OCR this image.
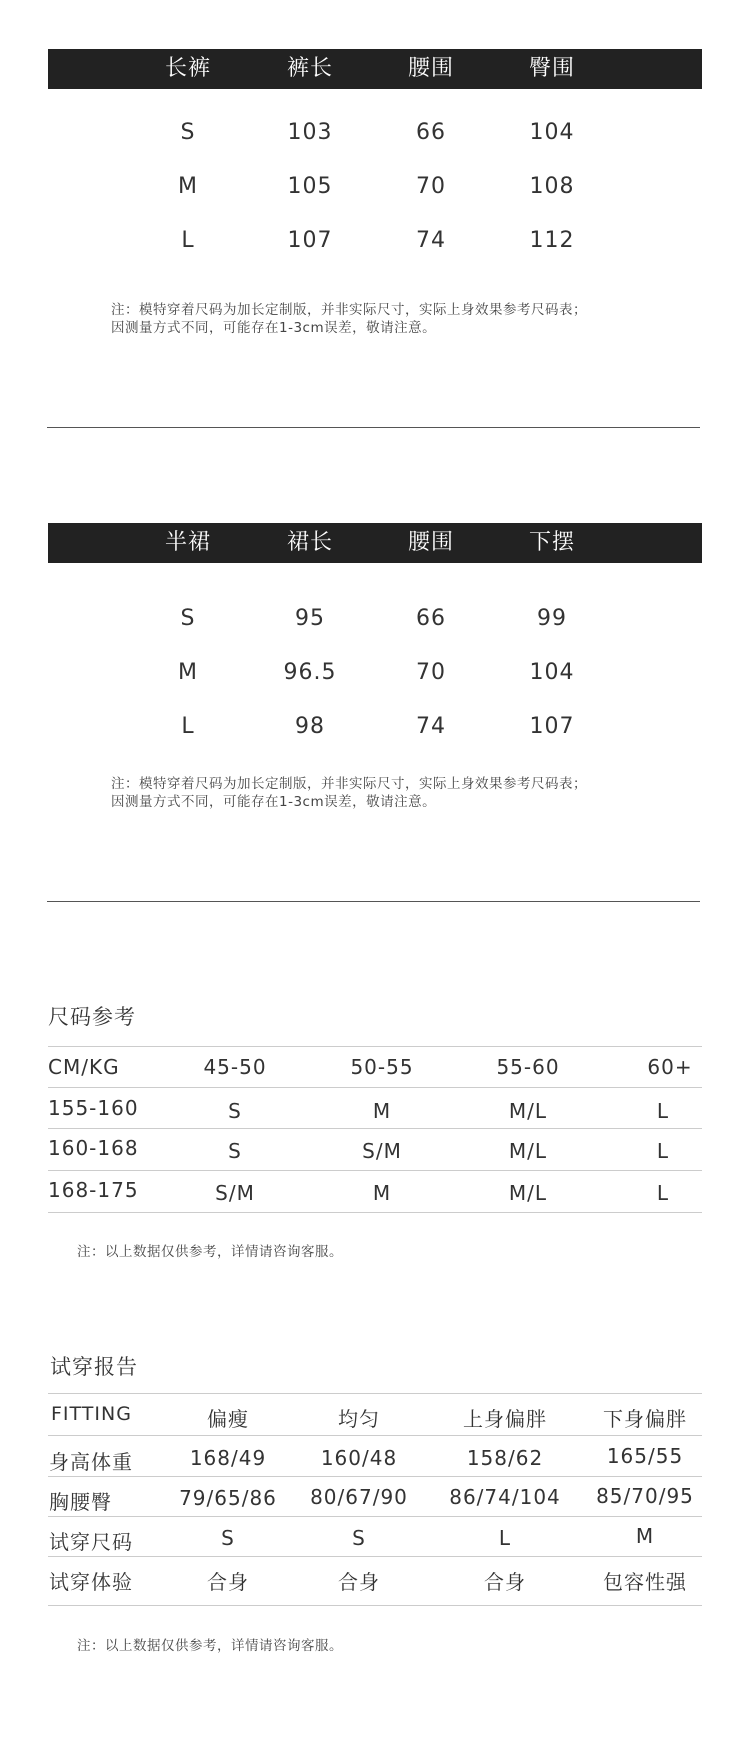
长裤	裤长	腰围	臀围
S	103	66	104
M	105	70	108
L	107	74	112
注：模特穿着尺码为加长定制版，并非实际尺寸，实际上身效果参考尺码表；
因测量方式不同，可能存在1-3cm误差，敬请注意。
半裙	裙长	腰围	下摆
S	95	66	99
M	96.5	70	104
L	98	74	107
注：模特穿着尺码为加长定制版，并非实际尺寸，实际上身效果参考尺码表；
因测量方式不同，可能存在1-3cm误差，敬请注意。
尺码参考
CM/KG	45-50	50-55	55-60	60+
155-160	S	M	M/L	L
160-168	S	S/M	M/L	L
168-175	S/M	M	M/L	L
注：以上数据仅供参考，详情请咨询客服。
试穿报告
FITTING	偏瘦	均匀	上身偏胖	下身偏胖
身高体重	168/49	160/48	158/62	165/55
胸腰臀	79/65/86	80/67/90	86/74/104	85/70/95
试穿尺码	S	S	L	M
试穿体验	合身	合身	合身	包容性强
注：以上数据仅供参考，详情请咨询客服。
